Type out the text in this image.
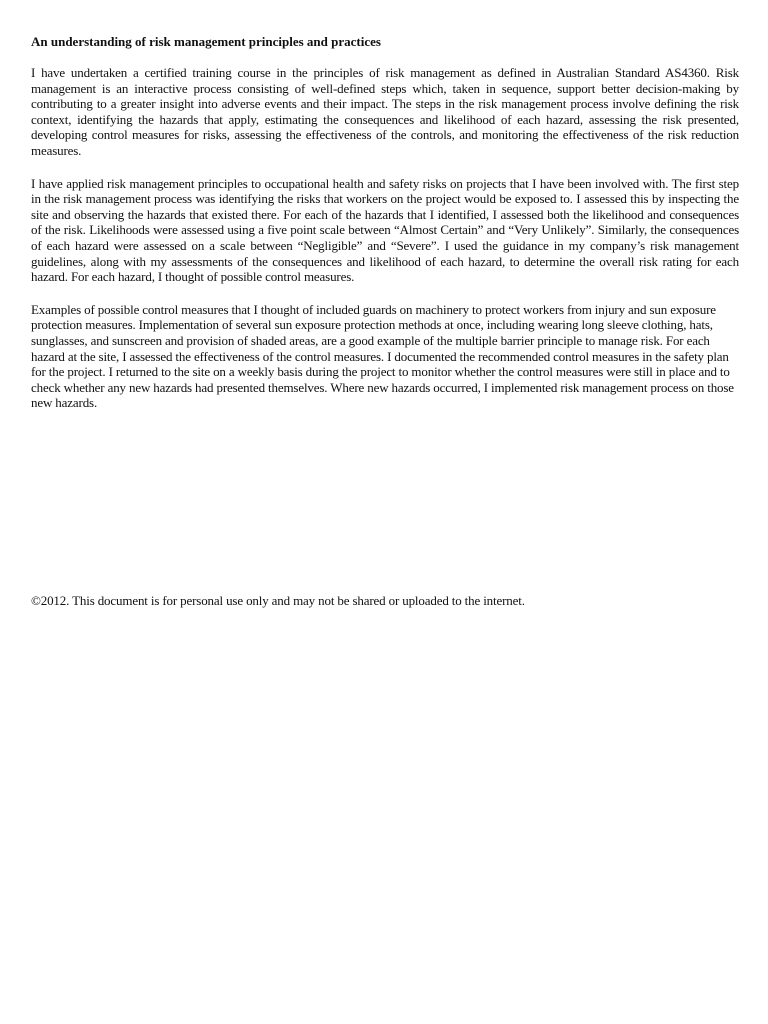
An understanding of risk management principles and practices

I have undertaken a certified training course in the principles of risk management as defined in Australian Standard AS4360. Risk management is an interactive process consisting of well-defined steps which, taken in sequence, support better decision-making by contributing to a greater insight into adverse events and their impact. The steps in the risk management process involve defining the risk context, identifying the hazards that apply, estimating the consequences and likelihood of each hazard, assessing the risk presented, developing control measures for risks, assessing the effectiveness of the controls, and monitoring the effectiveness of the risk reduction measures.

I have applied risk management principles to occupational health and safety risks on projects that I have been involved with. The first step in the risk management process was identifying the risks that workers on the project would be exposed to. I assessed this by inspecting the site and observing the hazards that existed there. For each of the hazards that I identified, I assessed both the likelihood and consequences of the risk. Likelihoods were assessed using a five point scale between “Almost Certain” and “Very Unlikely”. Similarly, the consequences of each hazard were assessed on a scale between “Negligible” and “Severe”. I used the guidance in my company’s risk management guidelines, along with my assessments of the consequences and likelihood of each hazard, to determine the overall risk rating for each hazard. For each hazard, I thought of possible control measures.

Examples of possible control measures that I thought of included guards on machinery to protect workers from injury and sun exposure protection measures. Implementation of several sun exposure protection methods at once, including wearing long sleeve clothing, hats, sunglasses, and sunscreen and provision of shaded areas, are a good example of the multiple barrier principle to manage risk. For each hazard at the site, I assessed the effectiveness of the control measures. I documented the recommended control measures in the safety plan for the project. I returned to the site on a weekly basis during the project to monitor whether the control measures were still in place and to check whether any new hazards had presented themselves. Where new hazards occurred, I implemented risk management process on those new hazards.

©2012. This document is for personal use only and may not be shared or uploaded to the internet.
